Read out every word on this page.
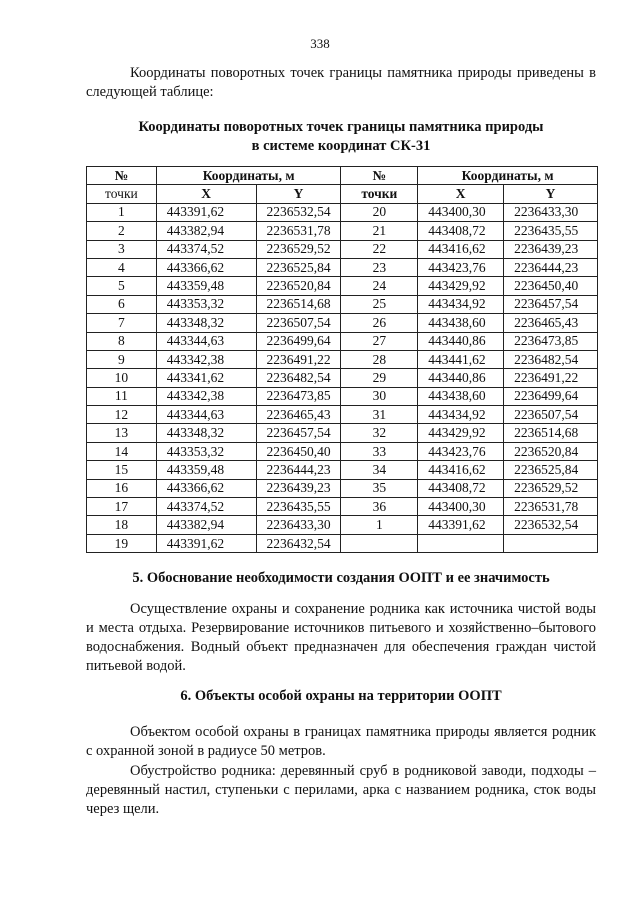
338

Координаты поворотных точек границы памятника природы приведены в следующей таблице:

Координаты поворотных точек границы памятника природы
в системе координат СК-31
№	Координаты, м		№	Координаты, м	
точки	X	Y	точки	X	Y
1	443391,62	2236532,54	20	443400,30	2236433,30
2	443382,94	2236531,78	21	443408,72	2236435,55
3	443374,52	2236529,52	22	443416,62	2236439,23
4	443366,62	2236525,84	23	443423,76	2236444,23
5	443359,48	2236520,84	24	443429,92	2236450,40
6	443353,32	2236514,68	25	443434,92	2236457,54
7	443348,32	2236507,54	26	443438,60	2236465,43
8	443344,63	2236499,64	27	443440,86	2236473,85
9	443342,38	2236491,22	28	443441,62	2236482,54
10	443341,62	2236482,54	29	443440,86	2236491,22
11	443342,38	2236473,85	30	443438,60	2236499,64
12	443344,63	2236465,43	31	443434,92	2236507,54
13	443348,32	2236457,54	32	443429,92	2236514,68
14	443353,32	2236450,40	33	443423,76	2236520,84
15	443359,48	2236444,23	34	443416,62	2236525,84
16	443366,62	2236439,23	35	443408,72	2236529,52
17	443374,52	2236435,55	36	443400,30	2236531,78
18	443382,94	2236433,30	1	443391,62	2236532,54
19	443391,62	2236432,54			
5. Обоснование необходимости создания ООПТ и ее значимость

Осуществление охраны и сохранение родника как источника чистой воды и места отдыха. Резервирование источников питьевого и хозяйственно–бытового водоснабжения. Водный объект предназначен для обеспечения граждан чистой питьевой водой.

6. Объекты особой охраны на территории ООПТ

Объектом особой охраны в границах памятника природы является родник с охранной зоной в радиусе 50 метров.

Обустройство родника: деревянный сруб в родниковой заводи, подходы – деревянный настил, ступеньки с перилами, арка с названием родника, сток воды через щели.
